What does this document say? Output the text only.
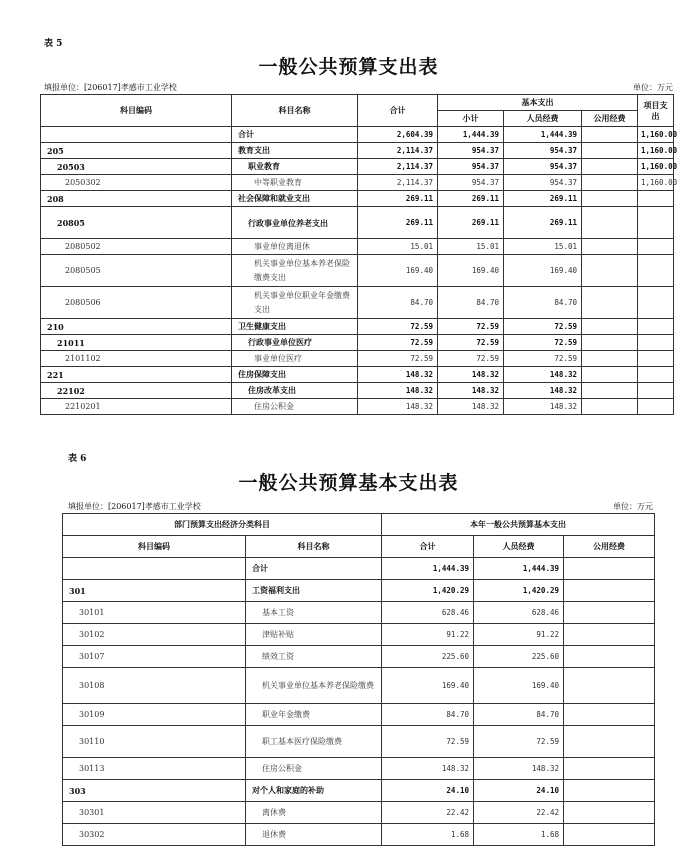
表 5
一般公共预算支出表
填报单位：[206017]孝感市工业学校	单位：万元
科目编码	科目名称	合计	基本支出			项目支出
			小计	人员经费	公用经费	
	合计	2,604.39	1,444.39	1,444.39		1,160.00
205	教育支出	2,114.37	954.37	954.37		1,160.00
20503	职业教育	2,114.37	954.37	954.37		1,160.00
2050302	中等职业教育	2,114.37	954.37	954.37		1,160.00
208	社会保障和就业支出	269.11	269.11	269.11		
20805	行政事业单位养老支出	269.11	269.11	269.11		
2080502	事业单位离退休	15.01	15.01	15.01		
2080505	机关事业单位基本养老保险缴费支出	169.40	169.40	169.40		
2080506	机关事业单位职业年金缴费支出	84.70	84.70	84.70		
210	卫生健康支出	72.59	72.59	72.59		
21011	行政事业单位医疗	72.59	72.59	72.59		
2101102	事业单位医疗	72.59	72.59	72.59		
221	住房保障支出	148.32	148.32	148.32		
22102	住房改革支出	148.32	148.32	148.32		
2210201	住房公积金	148.32	148.32	148.32		
表 6
一般公共预算基本支出表
填报单位：[206017]孝感市工业学校	单位：万元
部门预算支出经济分类科目		本年一般公共预算基本支出		
科目编码	科目名称	合计	人员经费	公用经费
	合计	1,444.39	1,444.39	
301	工资福利支出	1,420.29	1,420.29	
30101	基本工资	628.46	628.46	
30102	津贴补贴	91.22	91.22	
30107	绩效工资	225.60	225.60	
30108	机关事业单位基本养老保险缴费	169.40	169.40	
30109	职业年金缴费	84.70	84.70	
30110	职工基本医疗保险缴费	72.59	72.59	
30113	住房公积金	148.32	148.32	
303	对个人和家庭的补助	24.10	24.10	
30301	离休费	22.42	22.42	
30302	退休费	1.68	1.68	
